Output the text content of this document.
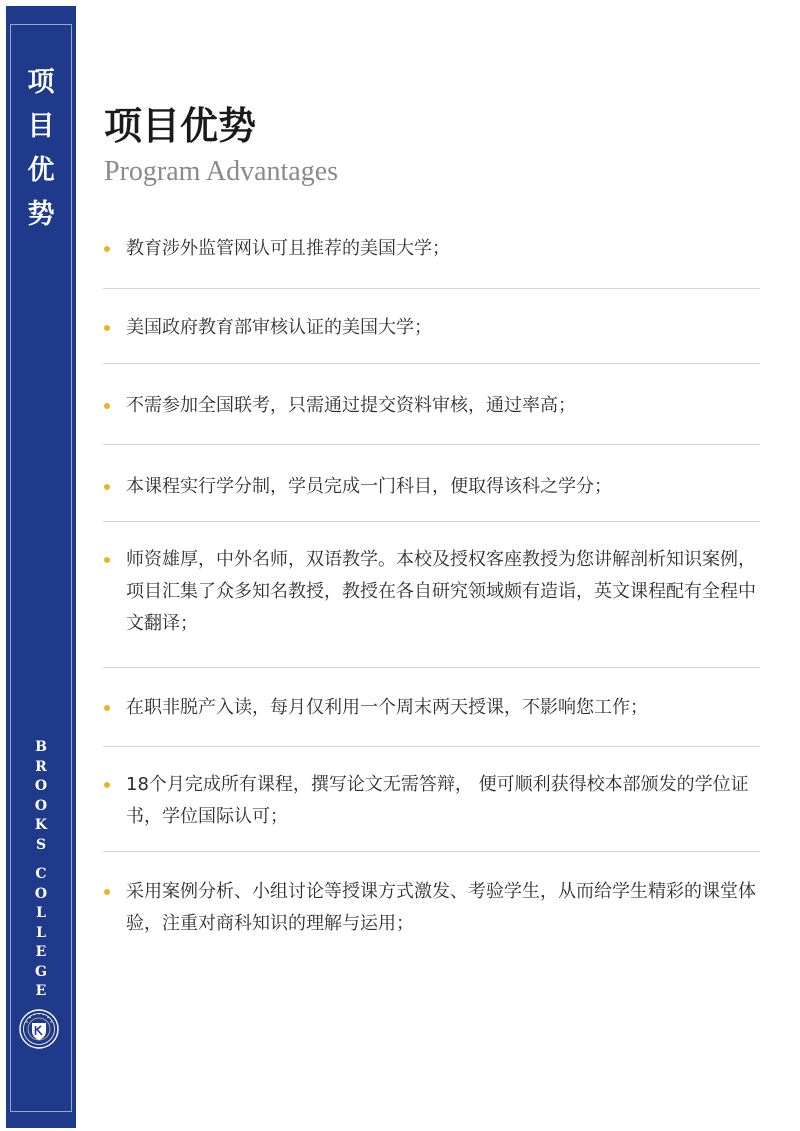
项
目
优
势
B
R
O
O
K
S
C
O
L
L
E
G
E
项目优势

Program Advantages

教育涉外监管网认可且推荐的美国大学；
美国政府教育部审核认证的美国大学；
不需参加全国联考，只需通过提交资料审核，通过率高；
本课程实行学分制，学员完成一门科目，便取得该科之学分；
师资雄厚，中外名师，双语教学。本校及授权客座教授为您讲解剖析知识案例，项目汇集了众多知名教授，教授在各自研究领域颇有造诣，英文课程配有全程中文翻译；
在职非脱产入读，每月仅利用一个周末两天授课，不影响您工作；
18个月完成所有课程，撰写论文无需答辩， 便可顺利获得校本部颁发的学位证书，学位国际认可；
采用案例分析、小组讨论等授课方式激发、考验学生，从而给学生精彩的课堂体验，注重对商科知识的理解与运用；
